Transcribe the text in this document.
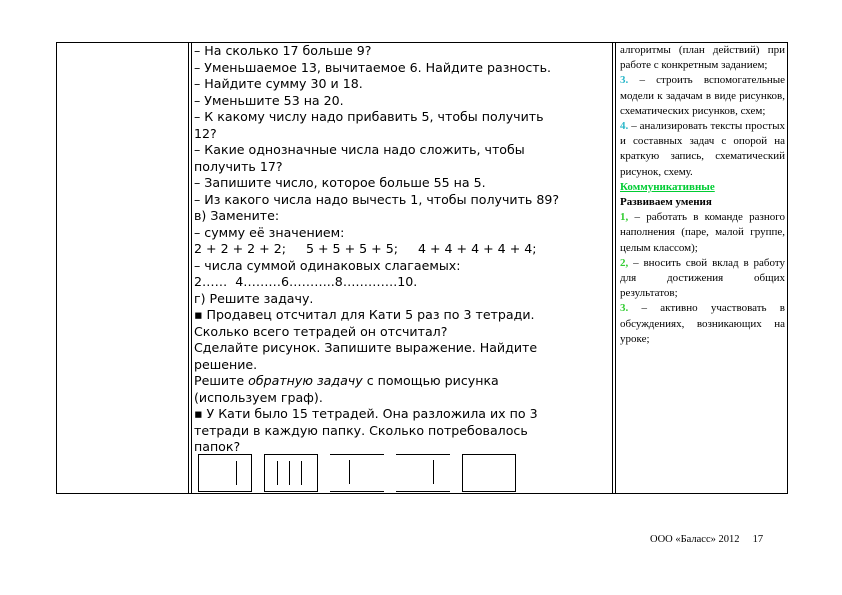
– На сколько 17 больше 9?
– Уменьшаемое 13, вычитаемое 6. Найдите разность.
– Найдите сумму 30 и 18.
– Уменьшите 53 на 20.
– К какому числу надо прибавить 5, чтобы получить
12?
– Какие однозначные числа надо сложить, чтобы
получить 17?
– Запишите число, которое больше 55 на 5.
– Из какого числа надо вычесть 1, чтобы получить 89?
в) Замените:
– сумму её значением:
2 + 2 + 2 + 2;     5 + 5 + 5 + 5;     4 + 4 + 4 + 4 + 4;
– числа суммой одинаковых слагаемых:
2……  4………6………..8………….10.
г) Решите задачу.
▪ Продавец отсчитал для Кати 5 раз по 3 тетради.
Сколько всего тетрадей он отсчитал?
Сделайте рисунок. Запишите выражение. Найдите
решение.
Решите обратную задачу с помощью рисунка
(используем граф).
▪ У Кати было 15 тетрадей. Она разложила их по 3
тетради в каждую папку. Сколько потребовалось
папок?
алгоритмы (план действий) при работе с конкретным заданием;
3. – строить вспомогательные модели к задачам в виде рисунков, схематических рисунков, схем;
4. – анализировать тексты простых и составных задач с опорой на краткую запись, схематический рисунок, схему.
Коммуникативные
Развиваем умения
1, – работать в команде разного наполнения (паре, малой группе, целым классом);
2, – вносить свой вклад в работу для достижения общих результатов;
3. – активно участвовать в обсуждениях, возникающих на уроке;
ООО «Баласс» 2012 17
